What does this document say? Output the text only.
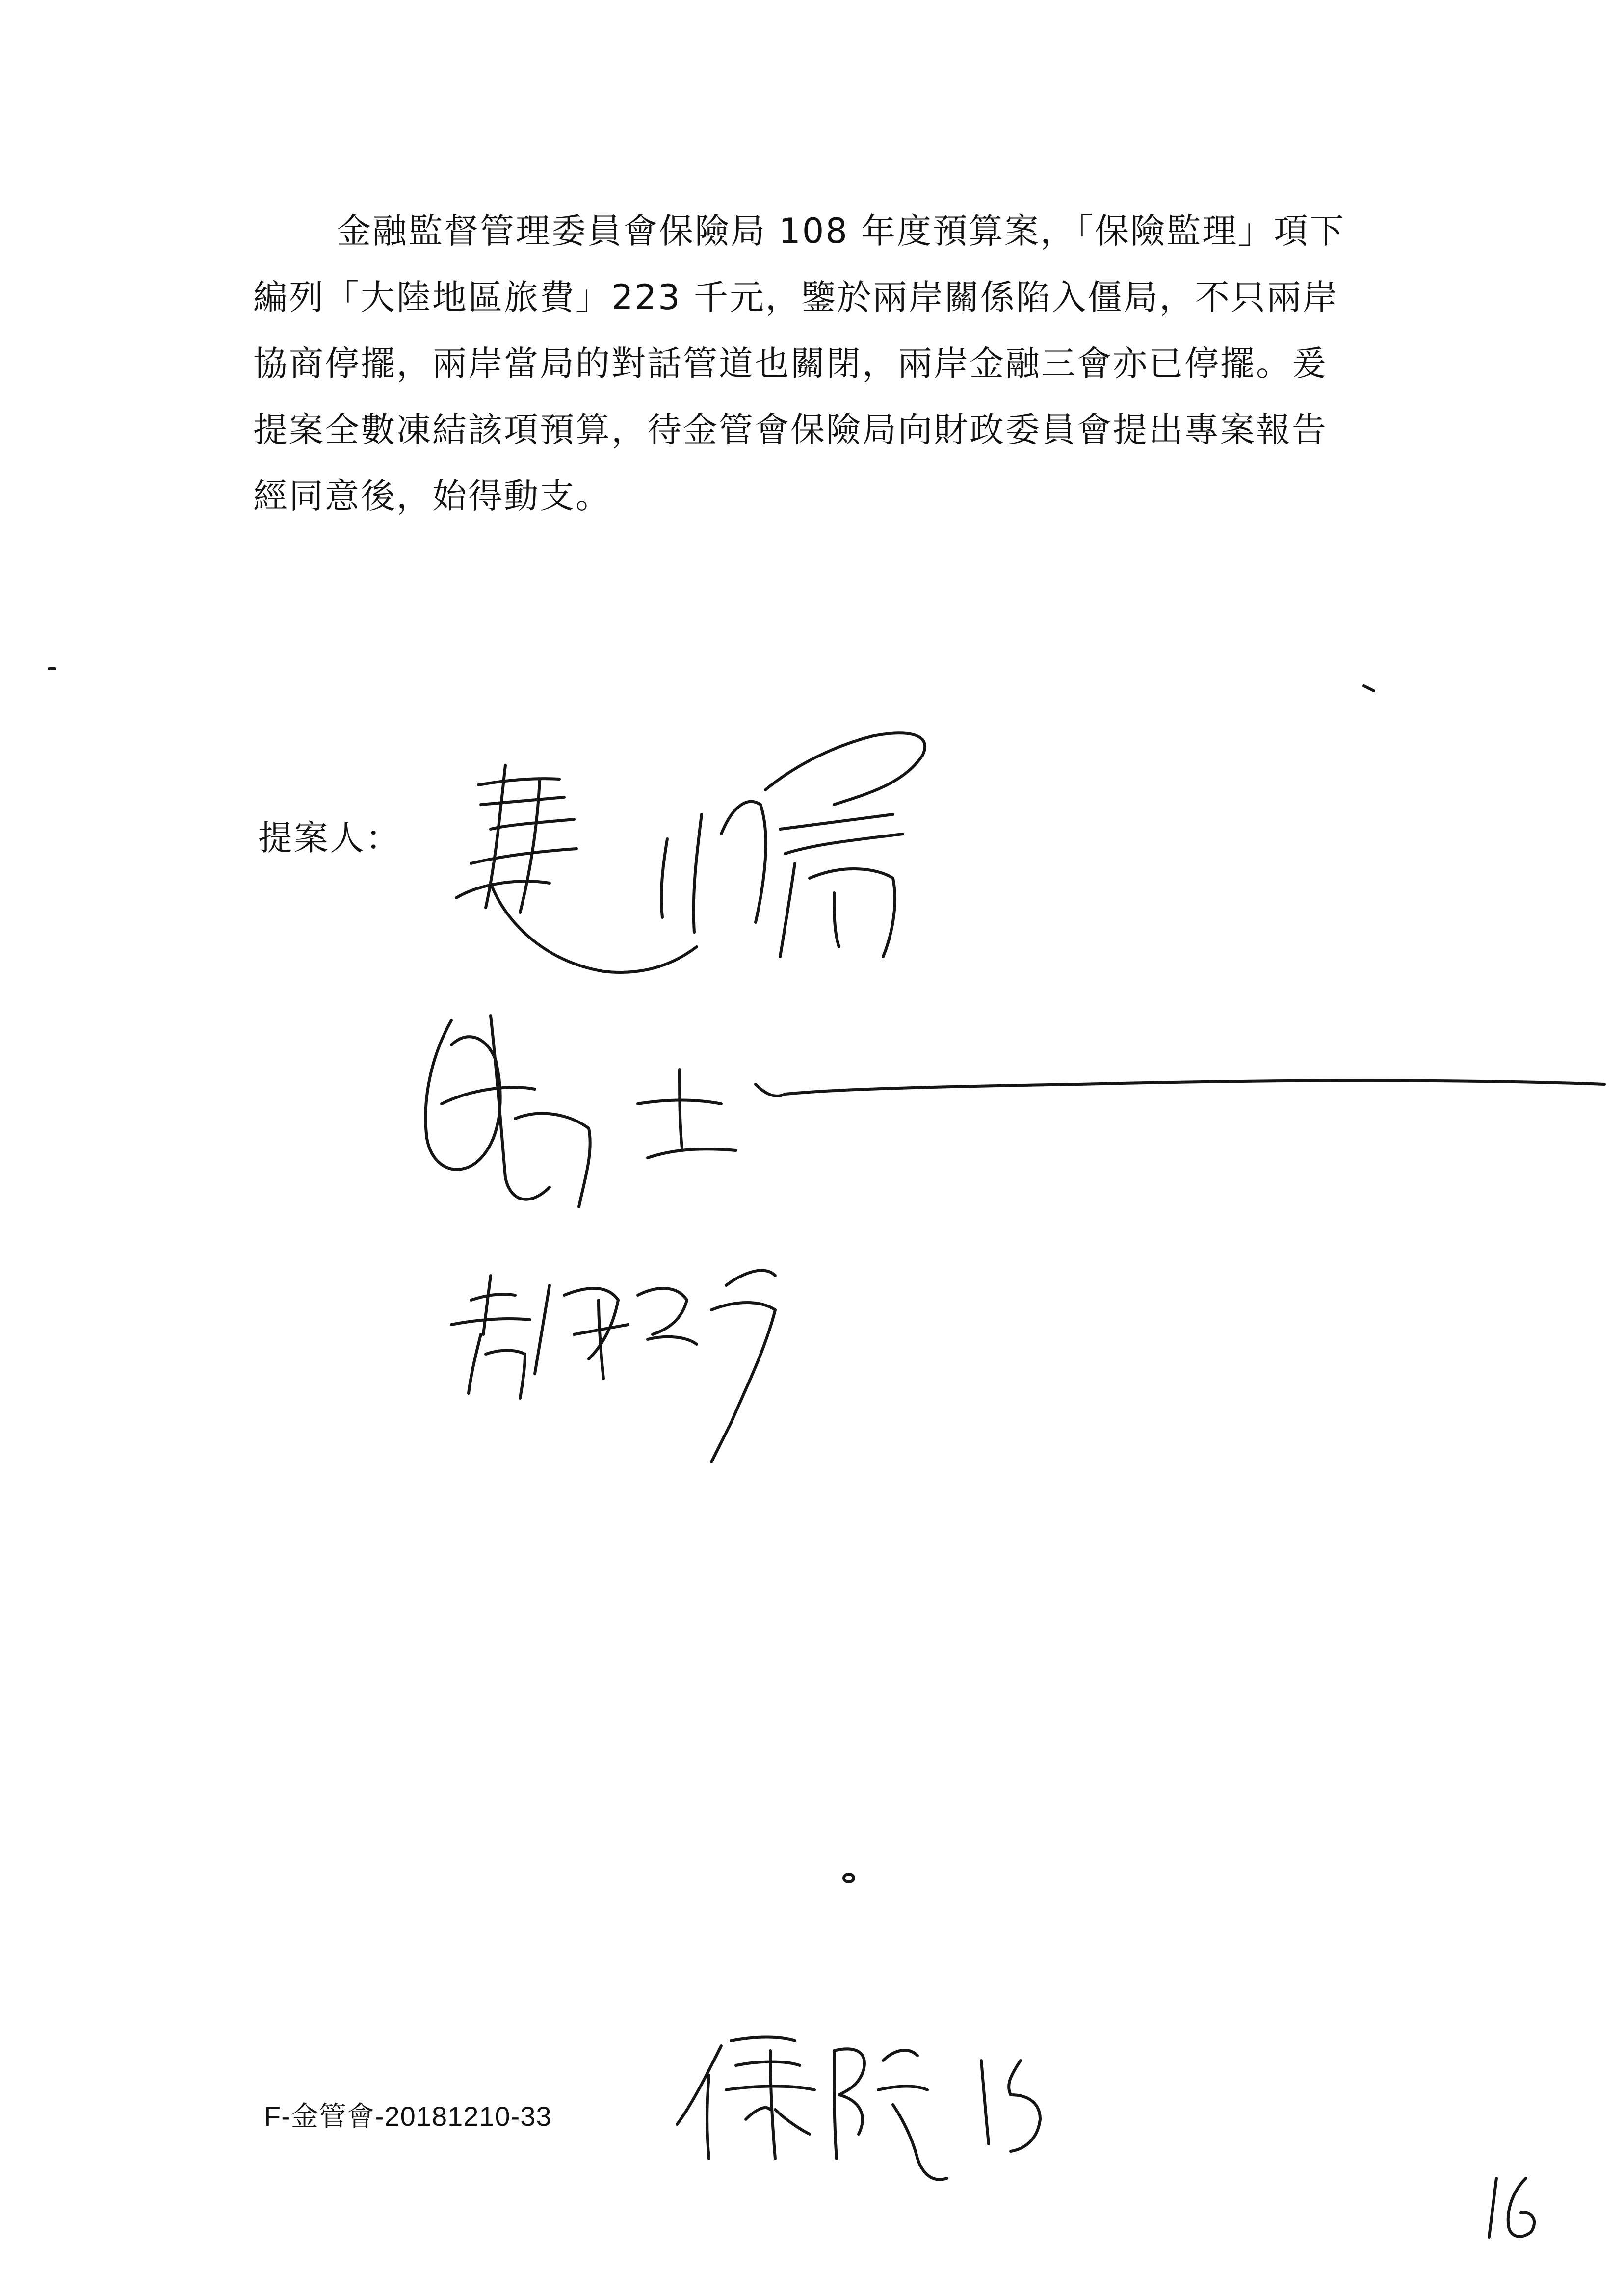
金融監督管理委員會保險局 108 年度預算案，「保險監理」項下
編列「大陸地區旅費」223 千元，鑒於兩岸關係陷入僵局，不只兩岸
協商停擺，兩岸當局的對話管道也關閉，兩岸金融三會亦已停擺。爰
提案全數凍結該項預算，待金管會保險局向財政委員會提出專案報告
經同意後，始得動支。
提案人：
F-金管會-20181210-33
